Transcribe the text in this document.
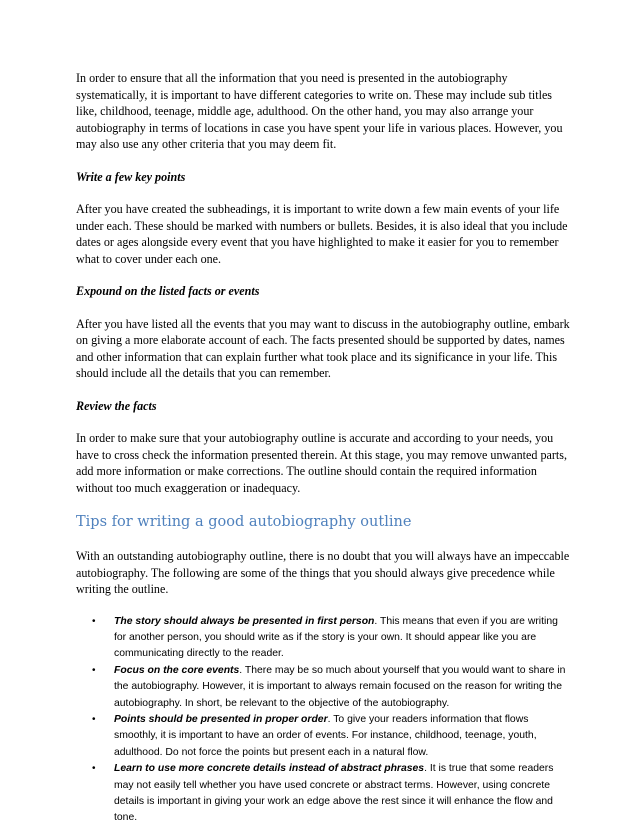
In order to ensure that all the information that you need is presented in the autobiography systematically, it is important to have different categories to write on. These may include sub titles like, childhood, teenage, middle age, adulthood. On the other hand, you may also arrange your autobiography in terms of locations in case you have spent your life in various places. However, you may also use any other criteria that you may deem fit.

Write a few key points

After you have created the subheadings, it is important to write down a few main events of your life under each. These should be marked with numbers or bullets. Besides, it is also ideal that you include dates or ages alongside every event that you have highlighted to make it easier for you to remember what to cover under each one.

Expound on the listed facts or events

After you have listed all the events that you may want to discuss in the autobiography outline, embark on giving a more elaborate account of each. The facts presented should be supported by dates, names and other information that can explain further what took place and its significance in your life. This should include all the details that you can remember.

Review the facts

In order to make sure that your autobiography outline is accurate and according to your needs, you have to cross check the information presented therein. At this stage, you may remove unwanted parts, add more information or make corrections. The outline should contain the required information without too much exaggeration or inadequacy.

Tips for writing a good autobiography outline

With an outstanding autobiography outline, there is no doubt that you will always have an impeccable autobiography. The following are some of the things that you should always give precedence while writing the outline.

• The story should always be presented in first person. This means that even if you are writing for another person, you should write as if the story is your own. It should appear like you are communicating directly to the reader.
• Focus on the core events. There may be so much about yourself that you would want to share in the autobiography. However, it is important to always remain focused on the reason for writing the autobiography. In short, be relevant to the objective of the autobiography.
• Points should be presented in proper order. To give your readers information that flows smoothly, it is important to have an order of events. For instance, childhood, teenage, youth, adulthood. Do not force the points but present each in a natural flow.
• Learn to use more concrete details instead of abstract phrases. It is true that some readers may not easily tell whether you have used concrete or abstract terms. However, using concrete details is important in giving your work an edge above the rest since it will enhance the flow and tone.
